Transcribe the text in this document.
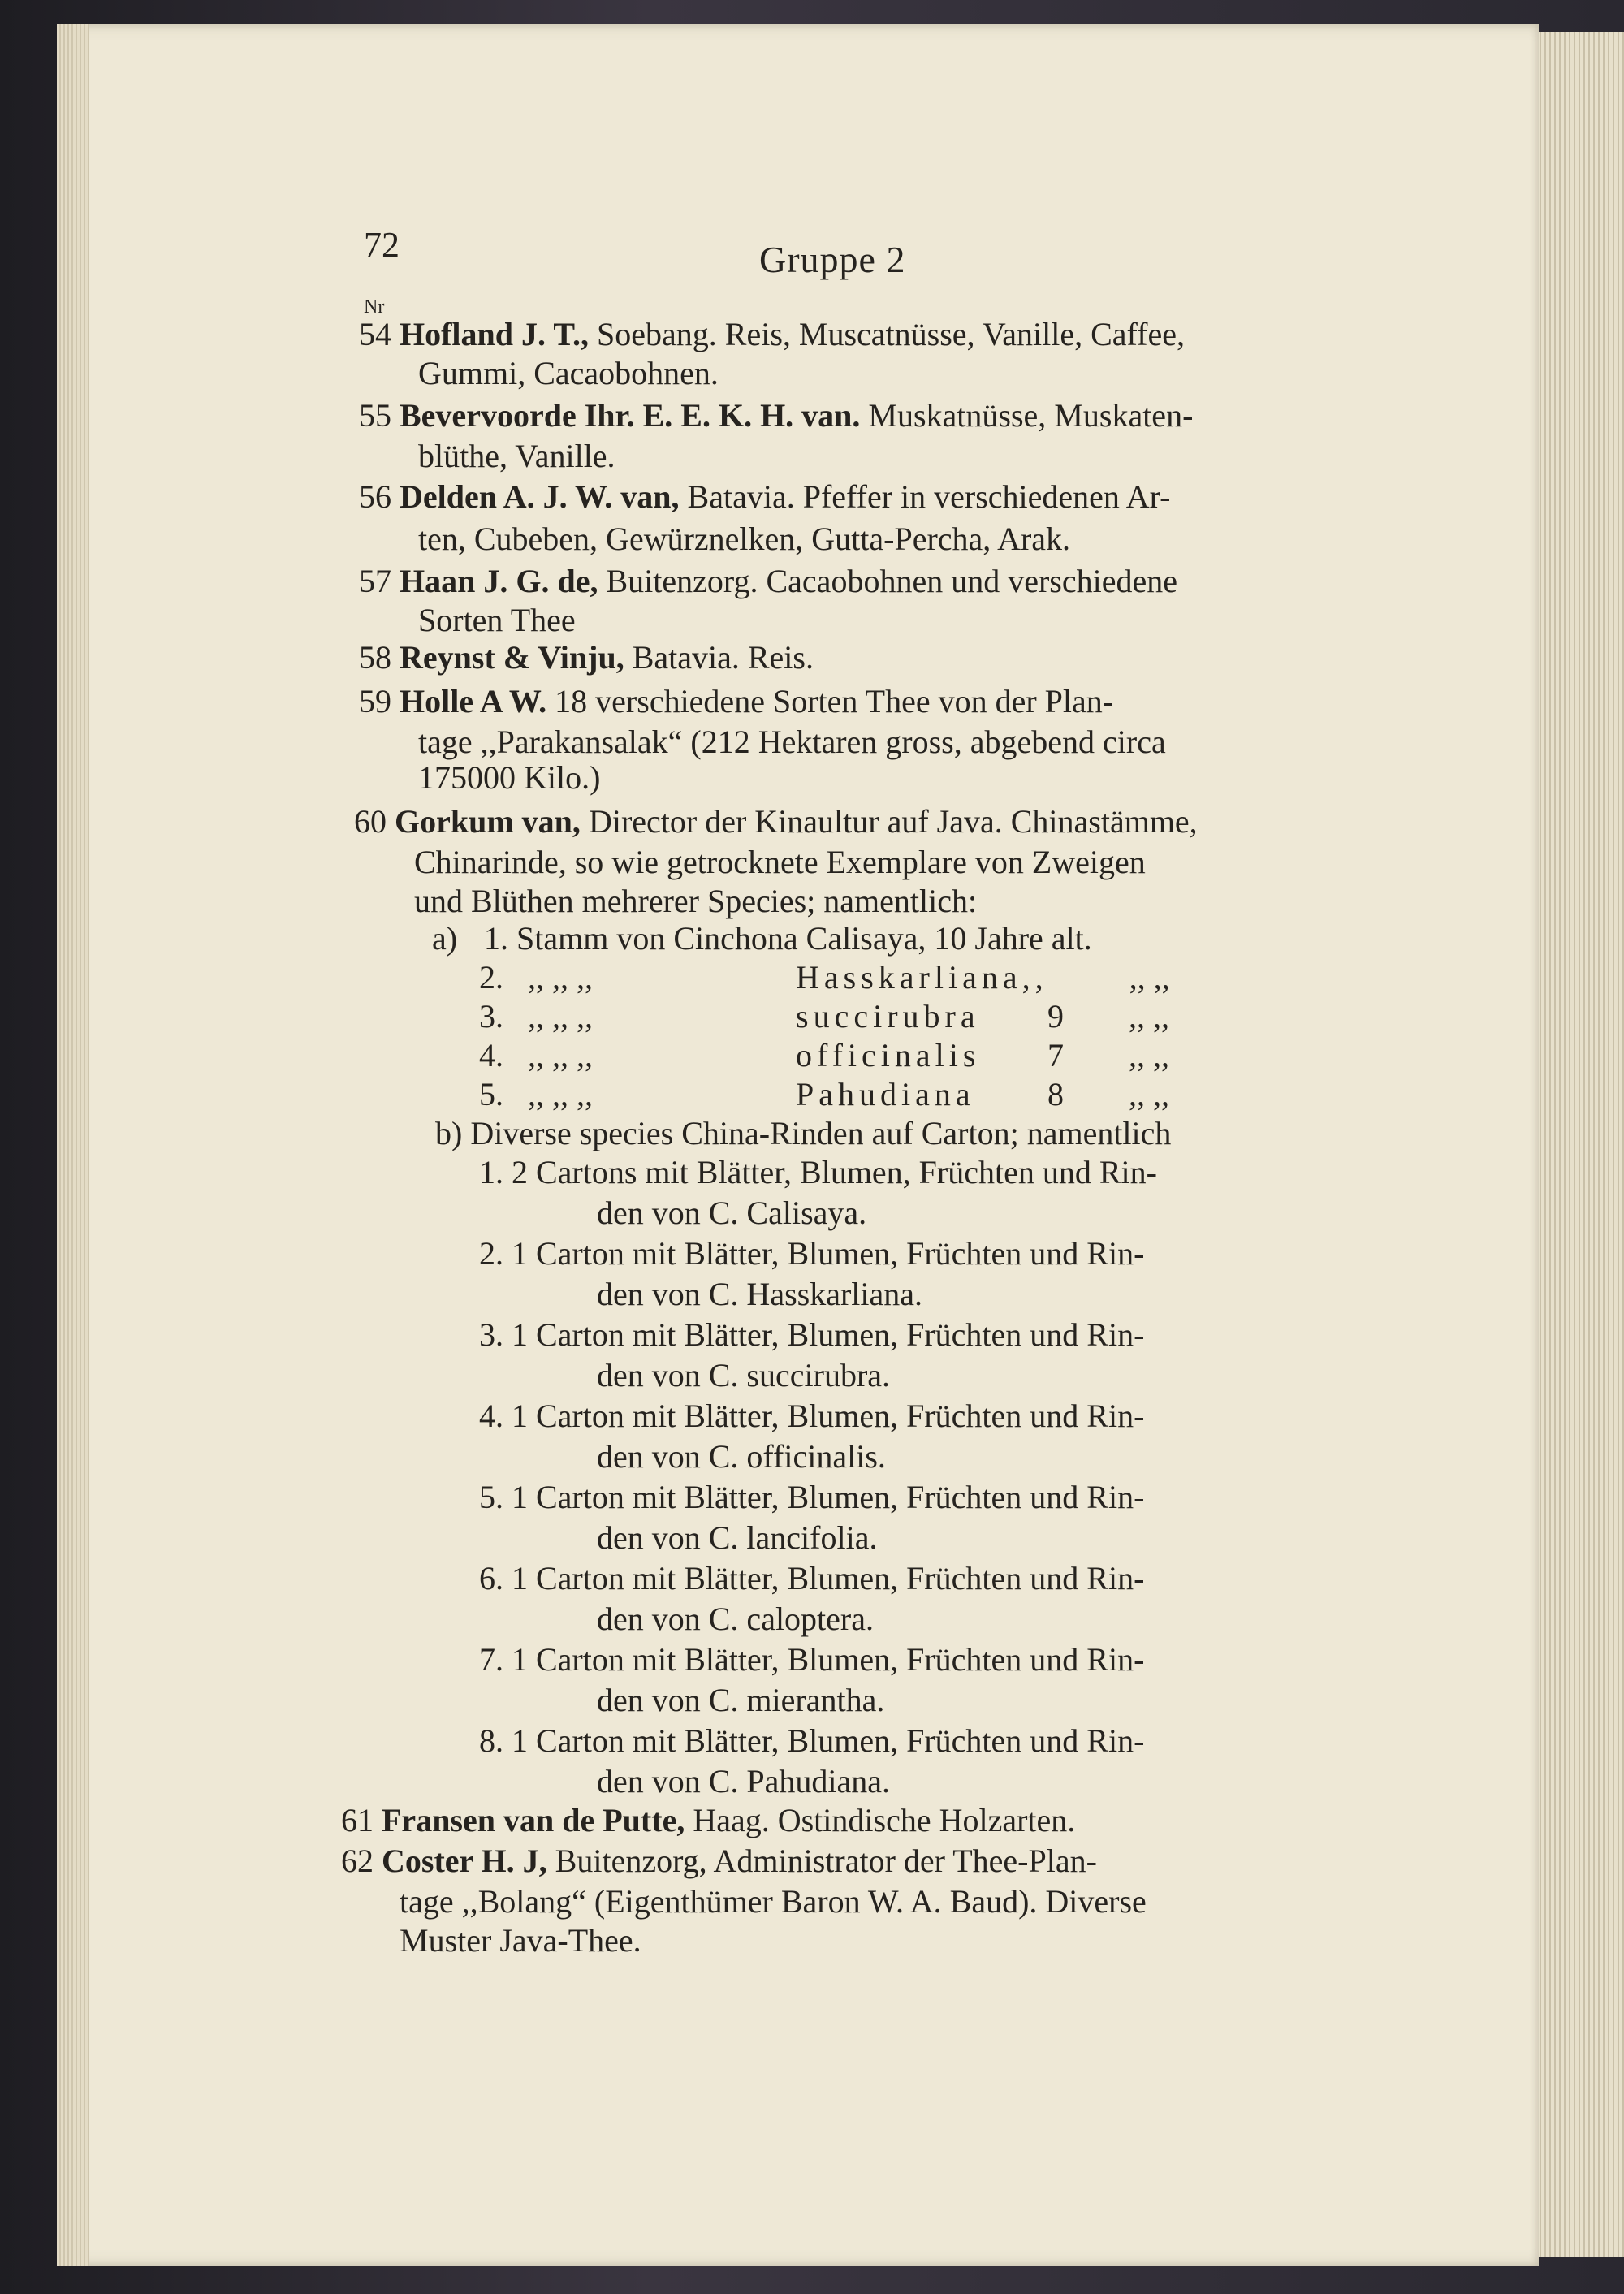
72	Gruppe 2
Nr
54 Hofland J. T., Soebang. Reis, Muscatnüsse, Vanille, Caffee,
Gummi, Cacaobohnen.
55 Bevervoorde Ihr. E. E. K. H. van. Muskatnüsse, Muskaten-
blüthe, Vanille.
56 Delden A. J. W. van, Batavia. Pfeffer in verschiedenen Ar-
ten, Cubeben, Gewürznelken, Gutta-Percha, Arak.
57 Haan J. G. de, Buitenzorg. Cacaobohnen und verschiedene
Sorten Thee
58 Reynst & Vinju, Batavia. Reis.
59 Holle A W. 18 verschiedene Sorten Thee von der Plan-
tage ,,Parakansalak“ (212 Hektaren gross, abgebend circa
175000 Kilo.)
60 Gorkum van, Director der Kinaultur auf Java. Chinastämme,
Chinarinde, so wie getrocknete Exemplare von Zweigen
und Blüthen mehrerer Species; namentlich:
a) 1. Stamm von Cinchona Calisaya, 10 Jahre alt.
2. ,, ,, ,,	Hasskarliana,,	,, ,,
3. ,, ,, ,,	succirubra 9 ,, ,,
4. ,, ,, ,,	officinalis 7 ,, ,,
5. ,, ,, ,,	Pahudiana 8 ,, ,,
b) Diverse species China-Rinden auf Carton; namentlich
1. 2 Cartons mit Blätter, Blumen, Früchten und Rin-
den von C. Calisaya.
2. 1 Carton mit Blätter, Blumen, Früchten und Rin-
den von C. Hasskarliana.
3. 1 Carton mit Blätter, Blumen, Früchten und Rin-
den von C. succirubra.
4. 1 Carton mit Blätter, Blumen, Früchten und Rin-
den von C. officinalis.
5. 1 Carton mit Blätter, Blumen, Früchten und Rin-
den von C. lancifolia.
6. 1 Carton mit Blätter, Blumen, Früchten und Rin-
den von C. caloptera.
7. 1 Carton mit Blätter, Blumen, Früchten und Rin-
den von C. mierantha.
8. 1 Carton mit Blätter, Blumen, Früchten und Rin-
den von C. Pahudiana.
61 Fransen van de Putte, Haag. Ostindische Holzarten.
62 Coster H. J, Buitenzorg, Administrator der Thee-Plan-
tage ,,Bolang“ (Eigenthümer Baron W. A. Baud). Diverse
Muster Java-Thee.
